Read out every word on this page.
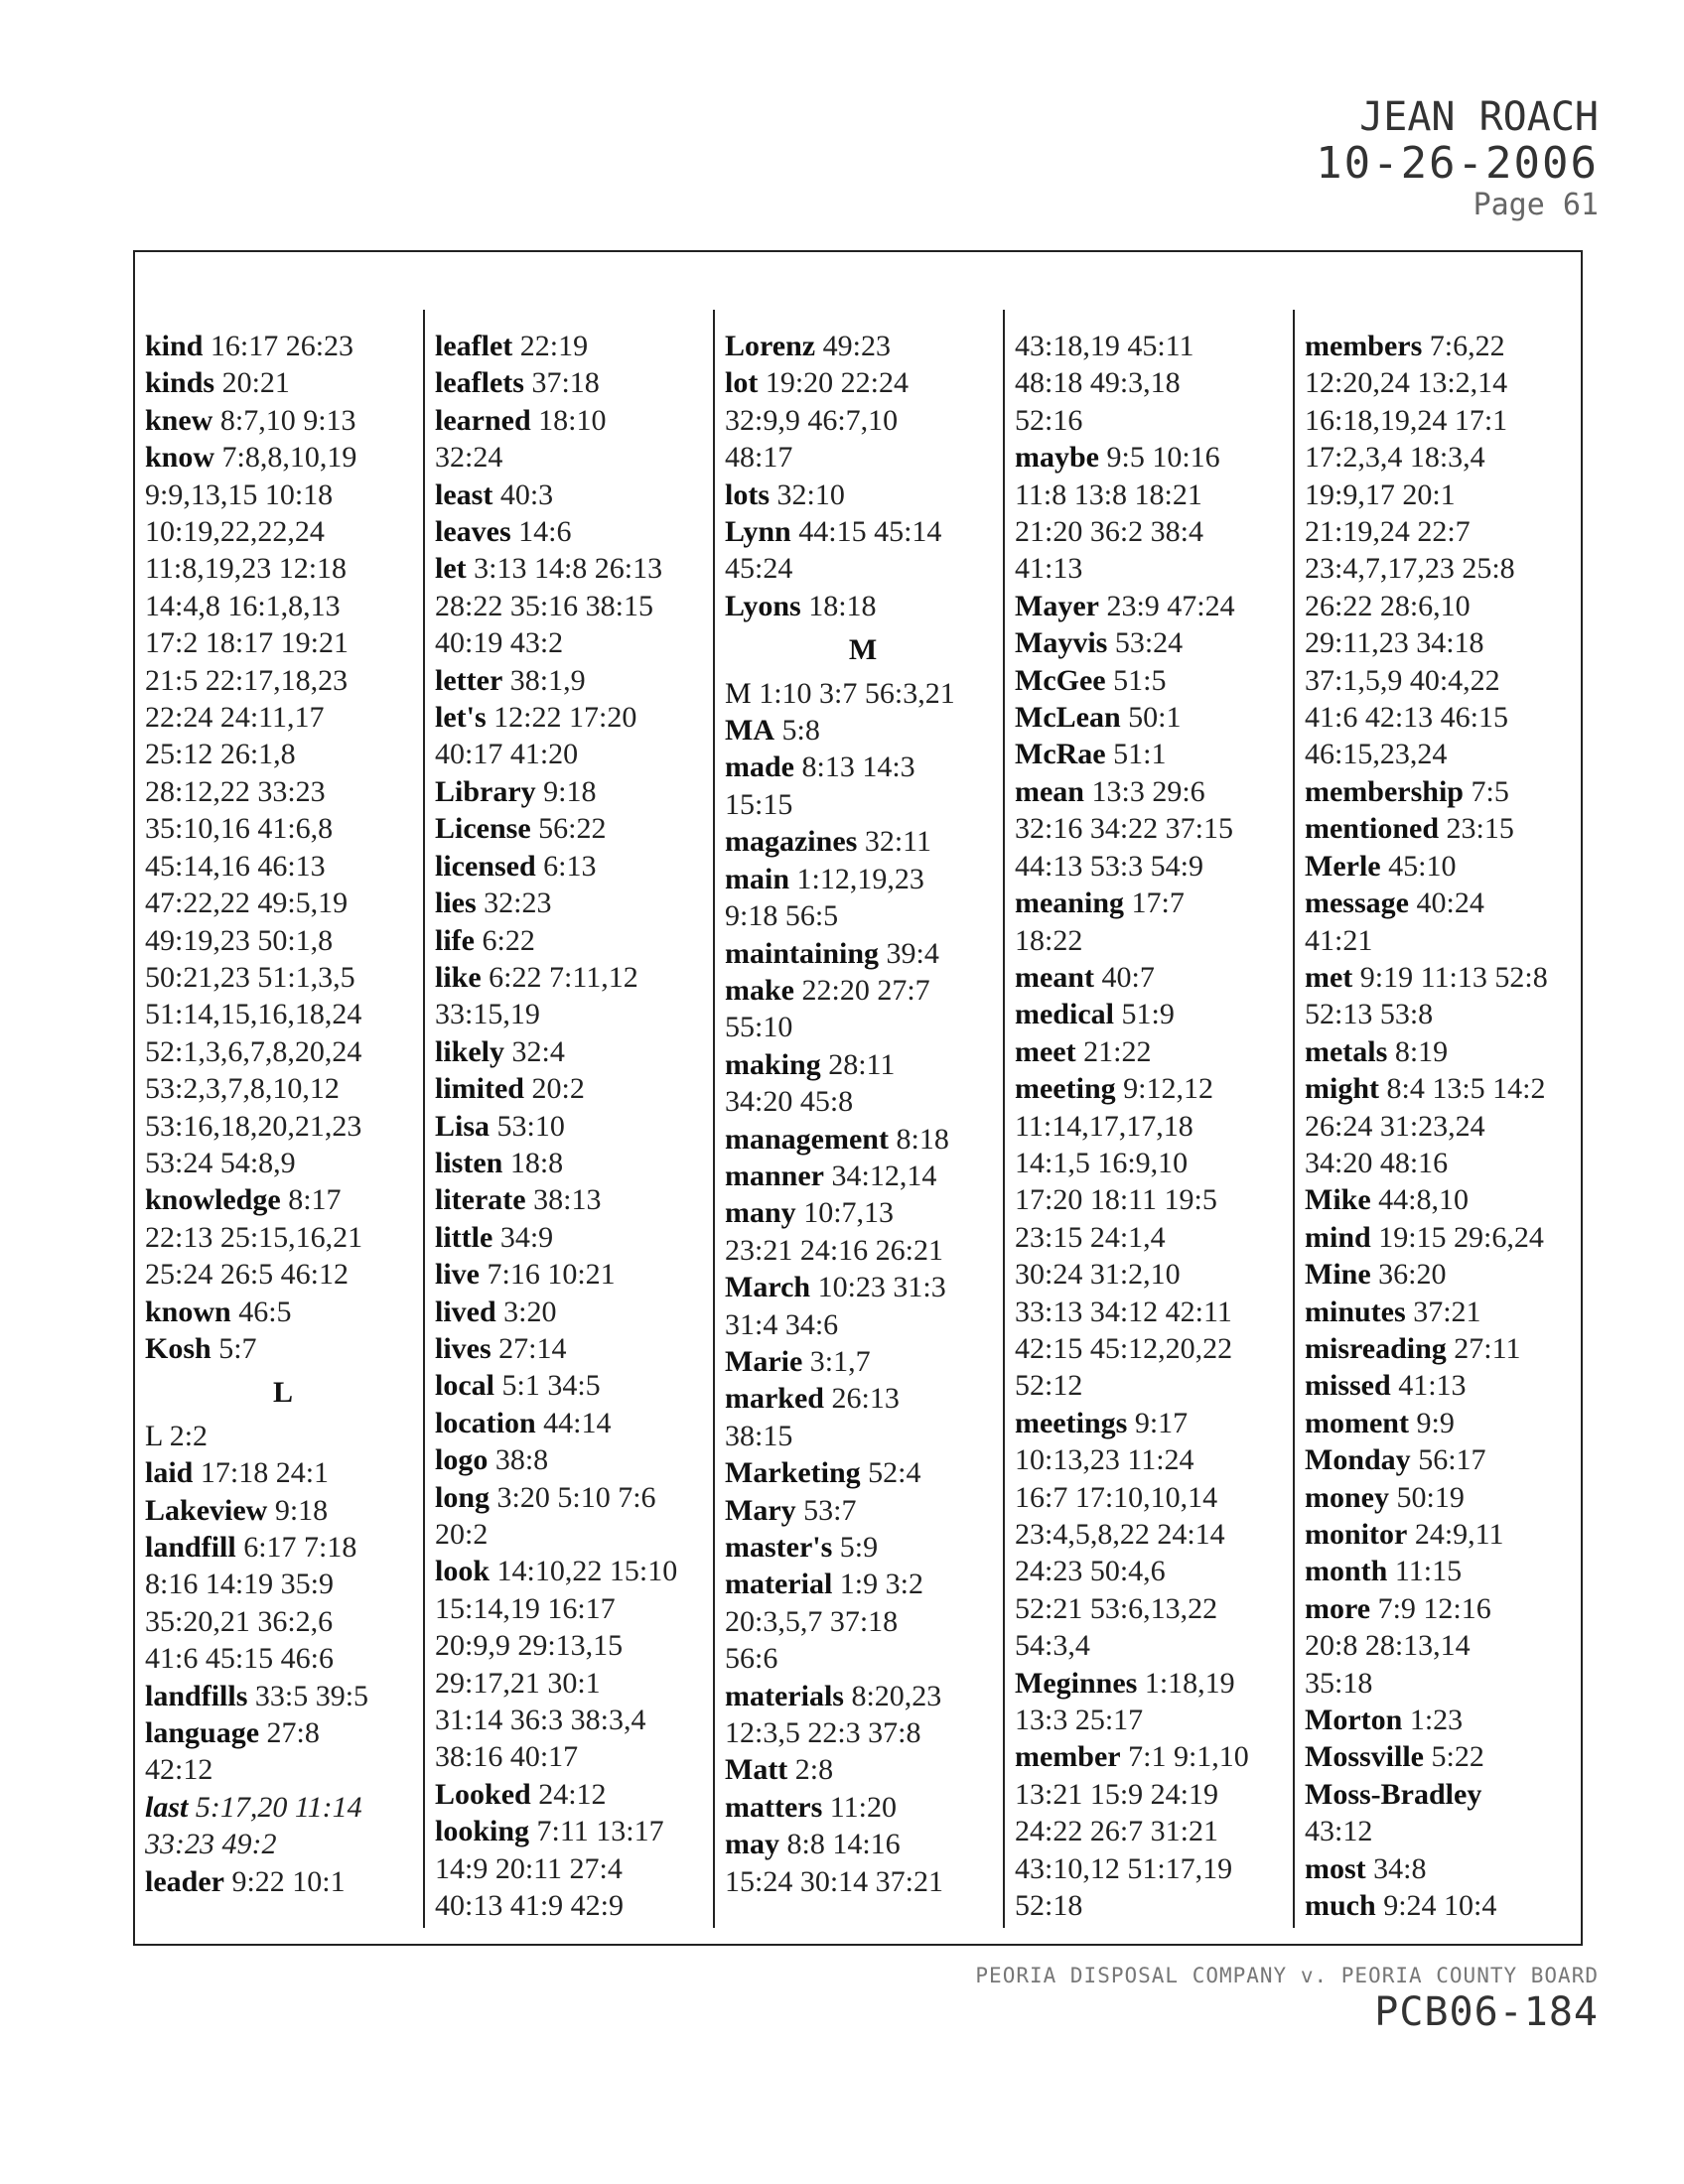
JEAN ROACH
10-26-2006
Page 61
kind 16:17 26:23
kinds 20:21
knew 8:7,10 9:13
know 7:8,8,10,19
9:9,13,15 10:18
10:19,22,22,24
11:8,19,23 12:18
14:4,8 16:1,8,13
17:2 18:17 19:21
21:5 22:17,18,23
22:24 24:11,17
25:12 26:1,8
28:12,22 33:23
35:10,16 41:6,8
45:14,16 46:13
47:22,22 49:5,19
49:19,23 50:1,8
50:21,23 51:1,3,5
51:14,15,16,18,24
52:1,3,6,7,8,20,24
53:2,3,7,8,10,12
53:16,18,20,21,23
53:24 54:8,9
knowledge 8:17
22:13 25:15,16,21
25:24 26:5 46:12
known 46:5
Kosh 5:7
L
L 2:2
laid 17:18 24:1
Lakeview 9:18
landfill 6:17 7:18
8:16 14:19 35:9
35:20,21 36:2,6
41:6 45:15 46:6
landfills 33:5 39:5
language 27:8
42:12
last 5:17,20 11:14
33:23 49:2
leader 9:22 10:1
leaflet 22:19
leaflets 37:18
learned 18:10
32:24
least 40:3
leaves 14:6
let 3:13 14:8 26:13
28:22 35:16 38:15
40:19 43:2
letter 38:1,9
let's 12:22 17:20
40:17 41:20
Library 9:18
License 56:22
licensed 6:13
lies 32:23
life 6:22
like 6:22 7:11,12
33:15,19
likely 32:4
limited 20:2
Lisa 53:10
listen 18:8
literate 38:13
little 34:9
live 7:16 10:21
lived 3:20
lives 27:14
local 5:1 34:5
location 44:14
logo 38:8
long 3:20 5:10 7:6
20:2
look 14:10,22 15:10
15:14,19 16:17
20:9,9 29:13,15
29:17,21 30:1
31:14 36:3 38:3,4
38:16 40:17
Looked 24:12
looking 7:11 13:17
14:9 20:11 27:4
40:13 41:9 42:9
Lorenz 49:23
lot 19:20 22:24
32:9,9 46:7,10
48:17
lots 32:10
Lynn 44:15 45:14
45:24
Lyons 18:18
M
M 1:10 3:7 56:3,21
MA 5:8
made 8:13 14:3
15:15
magazines 32:11
main 1:12,19,23
9:18 56:5
maintaining 39:4
make 22:20 27:7
55:10
making 28:11
34:20 45:8
management 8:18
manner 34:12,14
many 10:7,13
23:21 24:16 26:21
March 10:23 31:3
31:4 34:6
Marie 3:1,7
marked 26:13
38:15
Marketing 52:4
Mary 53:7
master's 5:9
material 1:9 3:2
20:3,5,7 37:18
56:6
materials 8:20,23
12:3,5 22:3 37:8
Matt 2:8
matters 11:20
may 8:8 14:16
15:24 30:14 37:21
43:18,19 45:11
48:18 49:3,18
52:16
maybe 9:5 10:16
11:8 13:8 18:21
21:20 36:2 38:4
41:13
Mayer 23:9 47:24
Mayvis 53:24
McGee 51:5
McLean 50:1
McRae 51:1
mean 13:3 29:6
32:16 34:22 37:15
44:13 53:3 54:9
meaning 17:7
18:22
meant 40:7
medical 51:9
meet 21:22
meeting 9:12,12
11:14,17,17,18
14:1,5 16:9,10
17:20 18:11 19:5
23:15 24:1,4
30:24 31:2,10
33:13 34:12 42:11
42:15 45:12,20,22
52:12
meetings 9:17
10:13,23 11:24
16:7 17:10,10,14
23:4,5,8,22 24:14
24:23 50:4,6
52:21 53:6,13,22
54:3,4
Meginnes 1:18,19
13:3 25:17
member 7:1 9:1,10
13:21 15:9 24:19
24:22 26:7 31:21
43:10,12 51:17,19
52:18
members 7:6,22
12:20,24 13:2,14
16:18,19,24 17:1
17:2,3,4 18:3,4
19:9,17 20:1
21:19,24 22:7
23:4,7,17,23 25:8
26:22 28:6,10
29:11,23 34:18
37:1,5,9 40:4,22
41:6 42:13 46:15
46:15,23,24
membership 7:5
mentioned 23:15
Merle 45:10
message 40:24
41:21
met 9:19 11:13 52:8
52:13 53:8
metals 8:19
might 8:4 13:5 14:2
26:24 31:23,24
34:20 48:16
Mike 44:8,10
mind 19:15 29:6,24
Mine 36:20
minutes 37:21
misreading 27:11
missed 41:13
moment 9:9
Monday 56:17
money 50:19
monitor 24:9,11
month 11:15
more 7:9 12:16
20:8 28:13,14
35:18
Morton 1:23
Mossville 5:22
Moss-Bradley
43:12
most 34:8
much 9:24 10:4
PEORIA DISPOSAL COMPANY v. PEORIA COUNTY BOARD
PCB06-184
